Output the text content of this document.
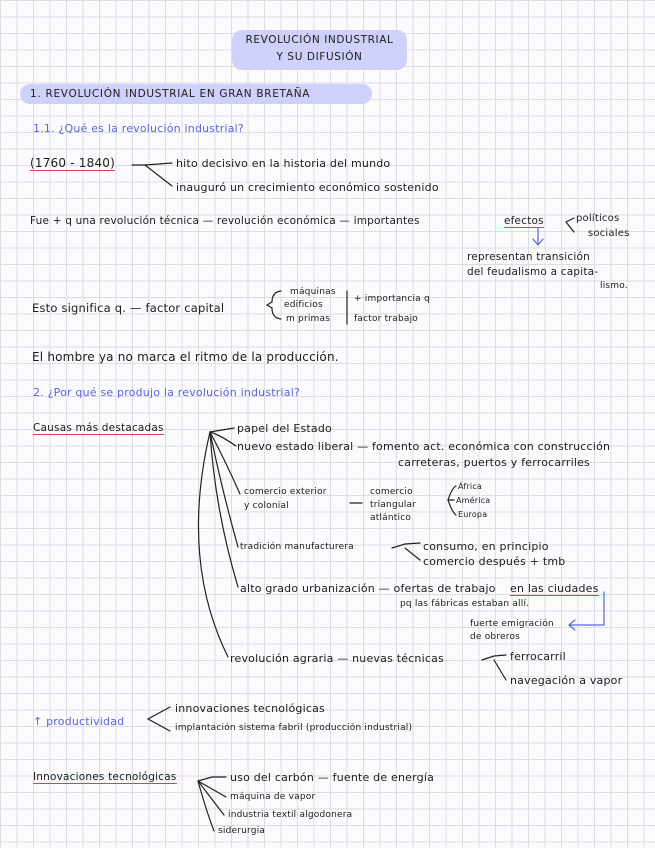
REVOLUCIÓN INDUSTRIAL
Y SU DIFUSIÓN
1. REVOLUCIÓN INDUSTRIAL EN GRAN BRETAÑA
1.1. ¿Qué es la revolución industrial?
(1760 - 1840)	hito decisivo en la historia del mundo
inauguró un crecimiento económico sostenido
Fue + q una revolución técnica — revolución económica — importantes	efectos	políticos
sociales
representan transición
del feudalismo a capita-
lismo.
Esto significa q. — factor capital
máquinas
edificios
m primas
+ importancia q
factor trabajo
El hombre ya no marca el ritmo de la producción.
2. ¿Por qué se produjo la revolución industrial?
Causas más destacadas	papel del Estado
nuevo estado liberal — fomento act. económica con construcción
carreteras, puertos y ferrocarriles
comercio exterior
y colonial
comercio
triangular
atlántico
África
América
Europa
tradición manufacturera	consumo, en principio
comercio después + tmb
alto grado urbanización — ofertas de trabajo en las ciudades
pq las fábricas estaban allí.
fuerte emigración
de obreros
revolución agraria — nuevas técnicas	ferrocarril
navegación a vapor
↑ productividad
innovaciones tecnológicas
implantación sistema fabril (producción industrial)
Innovaciones tecnológicas	uso del carbón — fuente de energía
máquina de vapor
industria textil algodonera
siderurgia
